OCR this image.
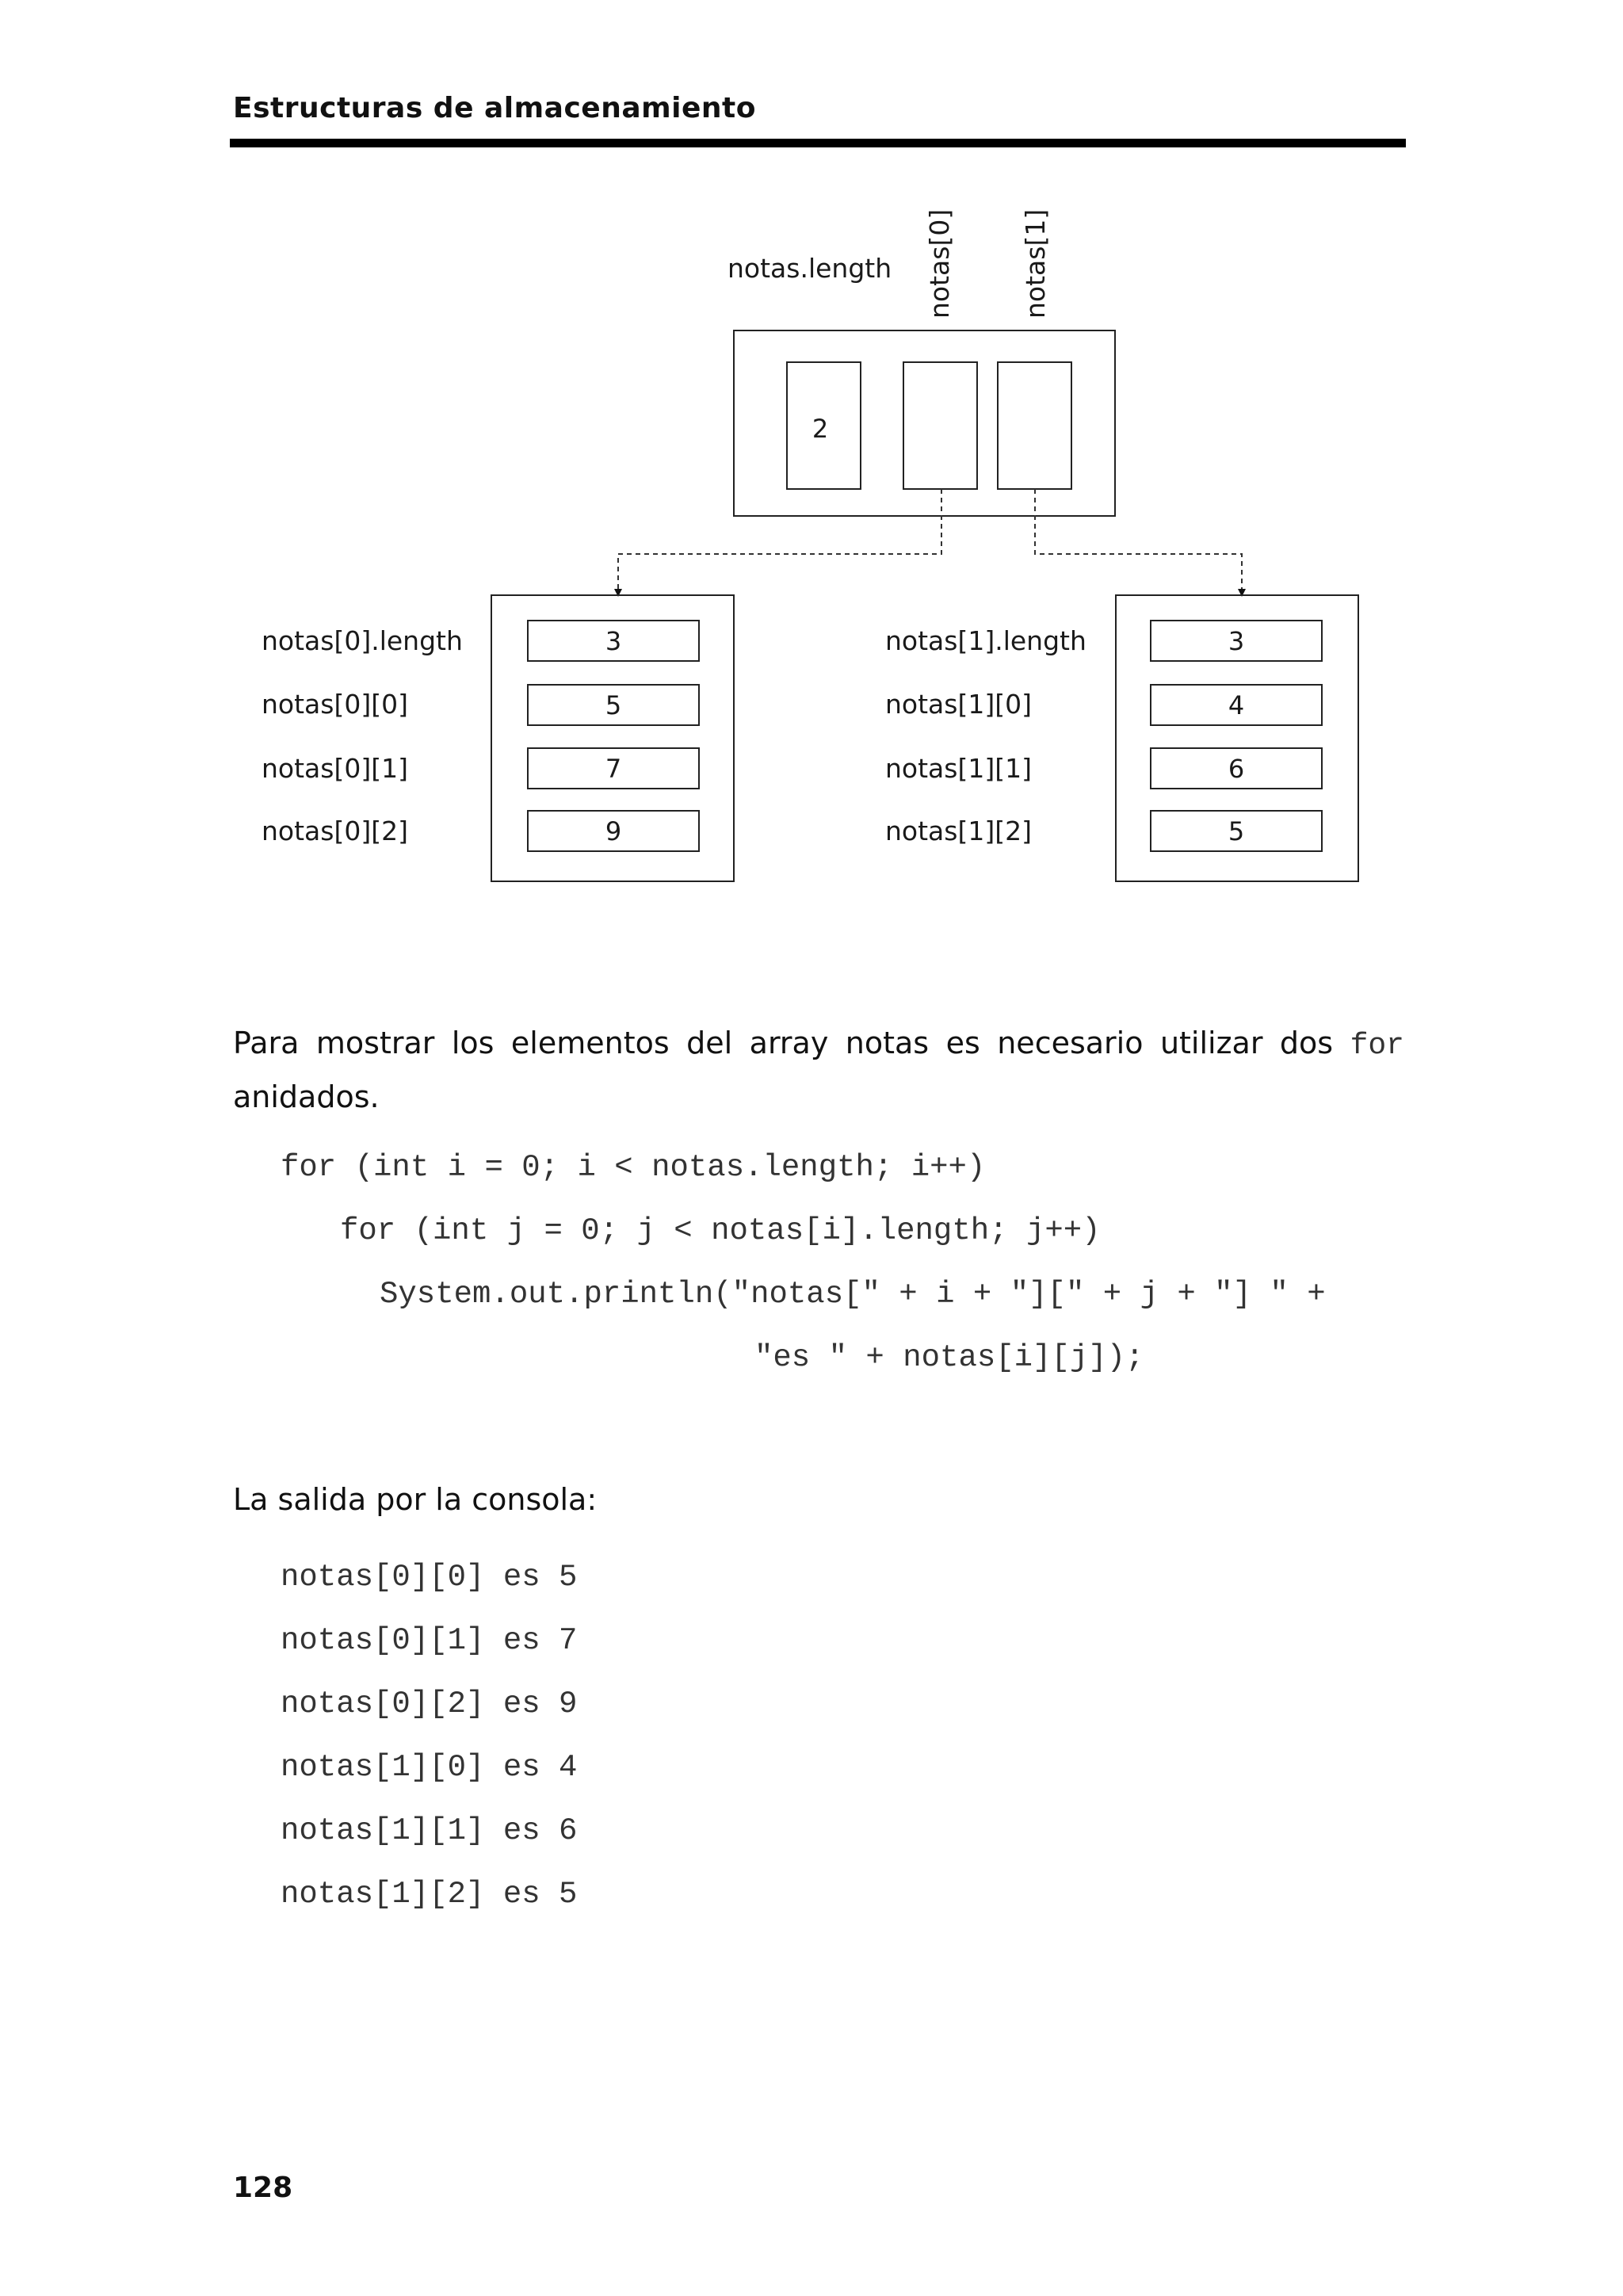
Estructuras de almacenamiento
notas.length notas[0] notas[1]
2
3
5
7
9
notas[0].length
notas[0][0]
notas[0][1]
notas[0][2]
3
4
6
5
notas[1].length
notas[1][0]
notas[1][1]
notas[1][2]
Para mostrar los elementos del array notas es necesario utilizar dos for anidados.

for (int i = 0; i < notas.length; i++)

for (int j = 0; j < notas[i].length; j++)

System.out.println("notas[" + i + "][" + j + "] " +

"es " + notas[i][j]);

La salida por la consola:
notas[0][0] es 5
notas[0][1] es 7
notas[0][2] es 9
notas[1][0] es 4
notas[1][1] es 6
notas[1][2] es 5
128
